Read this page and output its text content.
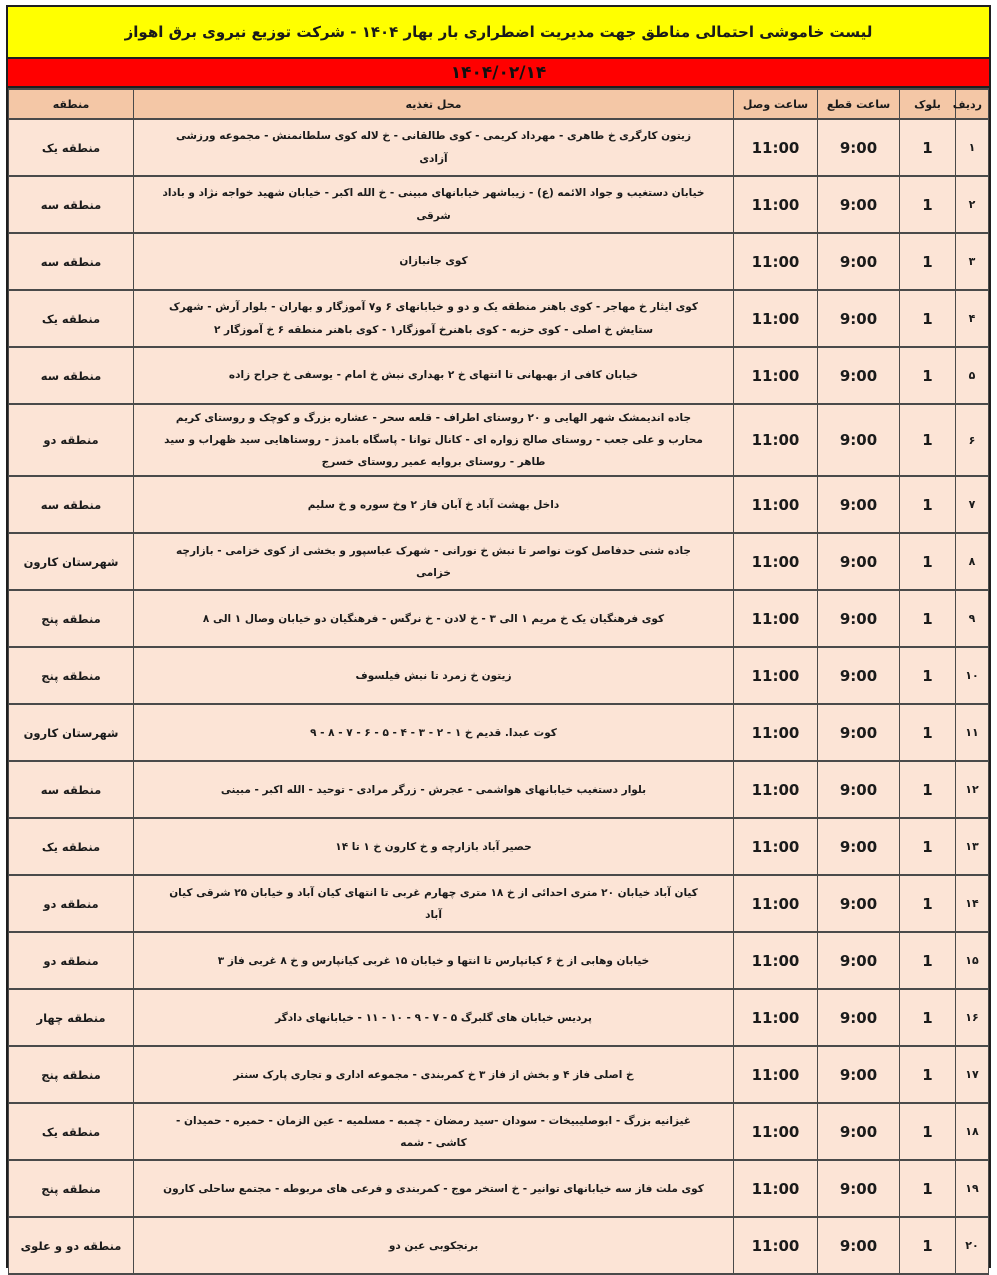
لیست خاموشی احتمالی مناطق جهت مدیریت اضطراری بار بهار ۱۴۰۴ - شرکت توزیع نیروی برق اهواز
۱۴۰۴/۰۲/۱۴
ردیف	بلوک	ساعت قطع	ساعت وصل	محل تغذیه	منطقه
۱	1	9:00	11:00	زیتون کارگری خ طاهری - مهرداد کریمی - کوی طالقانی - خ لاله کوی سلطانمنش - مجموعه ورزشی آزادی	منطقه یک
۲	1	9:00	11:00	خیابان دستغیب و جواد الائمه (ع) - زیباشهر خیابانهای مبینی - خ الله اکبر - خیابان شهید خواجه نژاد و باداد شرقی	منطقه سه
۳	1	9:00	11:00	کوی جانبازان	منطقه سه
۴	1	9:00	11:00	کوی ایثار خ مهاجر - کوی باهنر منطقه یک و دو و خیابانهای ۶ و۷ آموزگار و بهاران - بلوار آرش - شهرک ستایش خ اصلی - کوی حزبه - کوی باهنرخ آموزگار۱ - کوی باهنر منطقه ۶ خ آموزگار ۲	منطقه یک
۵	1	9:00	11:00	خیابان کافی از بهبهانی تا انتهای خ ۲ بهداری نبش خ امام - یوسفی خ جراح زاده	منطقه سه
۶	1	9:00	11:00	جاده اندیمشک شهر الهایی و ۲۰ روستای اطراف - قلعه سحر - عشاره بزرگ و کوچک و روستای کریم محارب و علی جعب - روستای صالح زواره ای - کانال توانا - پاسگاه بامدژ - روستاهایی سید ظهراب و سید طاهر - روستای بروایه عمیر روستای خسرج	منطقه دو
۷	1	9:00	11:00	داخل بهشت آباد خ آبان فاز ۲ وخ سوره و خ سلیم	منطقه سه
۸	1	9:00	11:00	جاده شنی حدفاصل کوت نواصر تا نبش خ نورانی - شهرک عباسپور و بخشی از کوی خزامی - بازارچه خزامی	شهرستان کارون
۹	1	9:00	11:00	کوی فرهنگیان یک خ مریم ۱ الی ۳ - خ لادن - خ نرگس - فرهنگیان دو خیابان وصال ۱ الی ۸	منطقه پنج
۱۰	1	9:00	11:00	زیتون خ زمرد تا نبش فیلسوف	منطقه پنج
۱۱	1	9:00	11:00	کوت عبدا. قدیم خ ۱ - ۲ - ۳ - ۴ - ۵ - ۶ - ۷ - ۸ - ۹	شهرستان کارون
۱۲	1	9:00	11:00	بلوار دستغیب خیابانهای هواشمی - عجرش - زرگر مرادی - توحید - الله اکبر - مبینی	منطقه سه
۱۳	1	9:00	11:00	حصیر آباد بازارچه و خ کارون خ ۱ تا ۱۴	منطقه یک
۱۴	1	9:00	11:00	کیان آباد خیابان ۲۰ متری احدائی از خ ۱۸ متری چهارم غربی تا انتهای کیان آباد و خیابان ۲۵ شرقی کیان آباد	منطقه دو
۱۵	1	9:00	11:00	خیابان وهابی از خ ۶ کیانپارس تا انتها و خیابان ۱۵ غربی کیانپارس و خ ۸ غربی فاز ۳	منطقه دو
۱۶	1	9:00	11:00	پردیس خیابان های گلبرگ ۵ - ۷ - ۹ - ۱۰ - ۱۱ - خیابانهای دادگر	منطقه چهار
۱۷	1	9:00	11:00	خ اصلی فاز ۴ و بخش از فاز ۳ خ کمربندی - مجموعه اداری و تجاری پارک سنتر	منطقه پنج
۱۸	1	9:00	11:00	غیزانیه بزرگ - ابوصلیبیخات - سودان -سید رمضان - چمبه - مسلمیه - عین الزمان - حمیره - حمیدان - کاشی - شمه	منطقه یک
۱۹	1	9:00	11:00	کوی ملت فاز سه خیابانهای توانیر - خ استخر موج - کمربندی و فرعی های مربوطه - مجتمع ساحلی کارون	منطقه پنج
۲۰	1	9:00	11:00	برنجکوبی عین دو	منطقه دو و علوی
